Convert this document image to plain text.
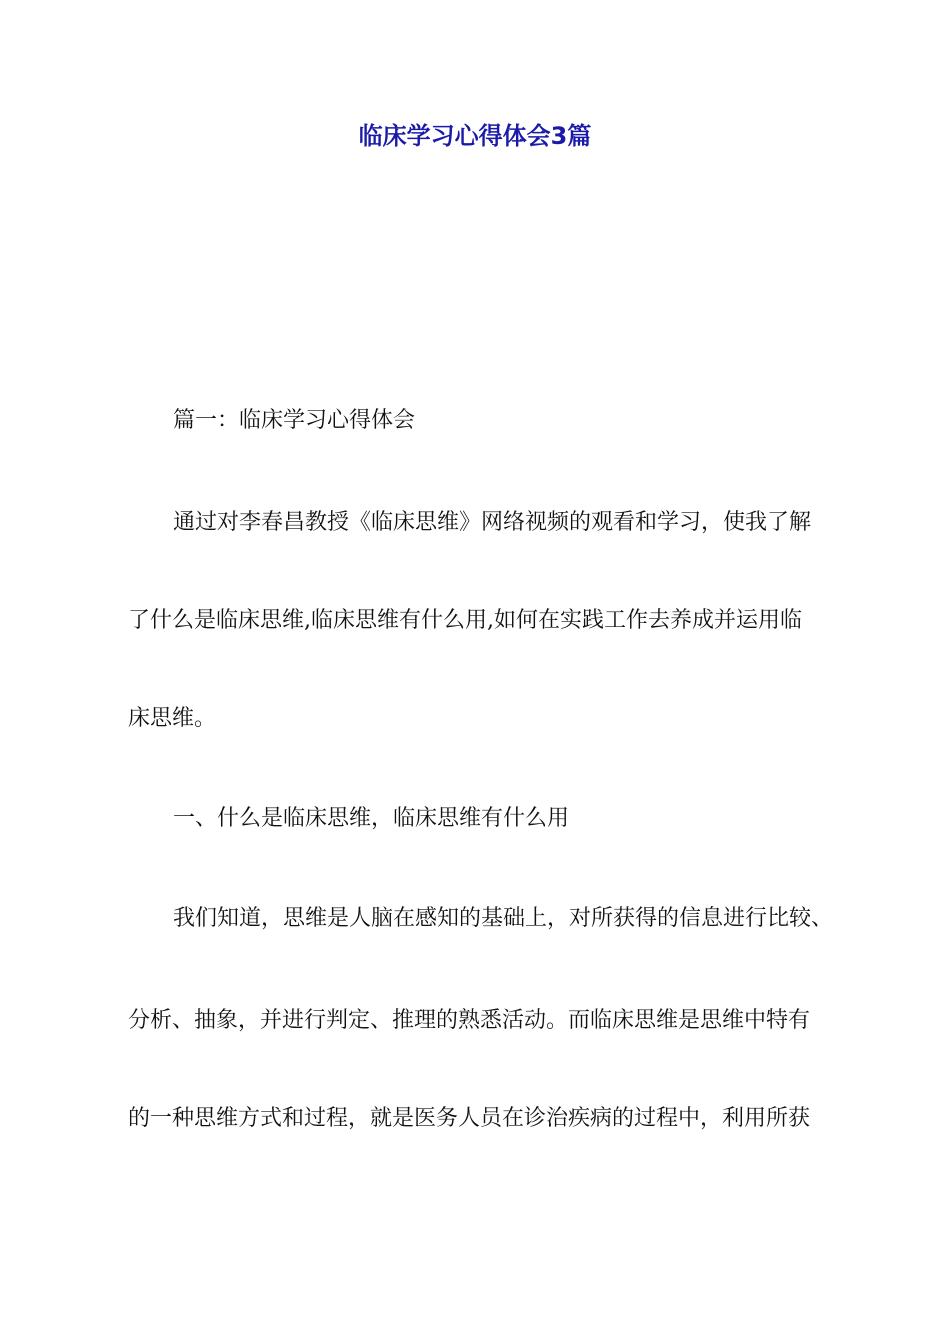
临床学习心得体会3篇
篇一：临床学习心得体会
通过对李春昌教授《临床思维》网络视频的观看和学习，使我了解
了什么是临床思维,临床思维有什么用,如何在实践工作去养成并运用临
床思维。
一、什么是临床思维，临床思维有什么用
我们知道，思维是人脑在感知的基础上，对所获得的信息进行比较、
分析、抽象，并进行判定、推理的熟悉活动。而临床思维是思维中特有
的一种思维方式和过程，就是医务人员在诊治疾病的过程中，利用所获
